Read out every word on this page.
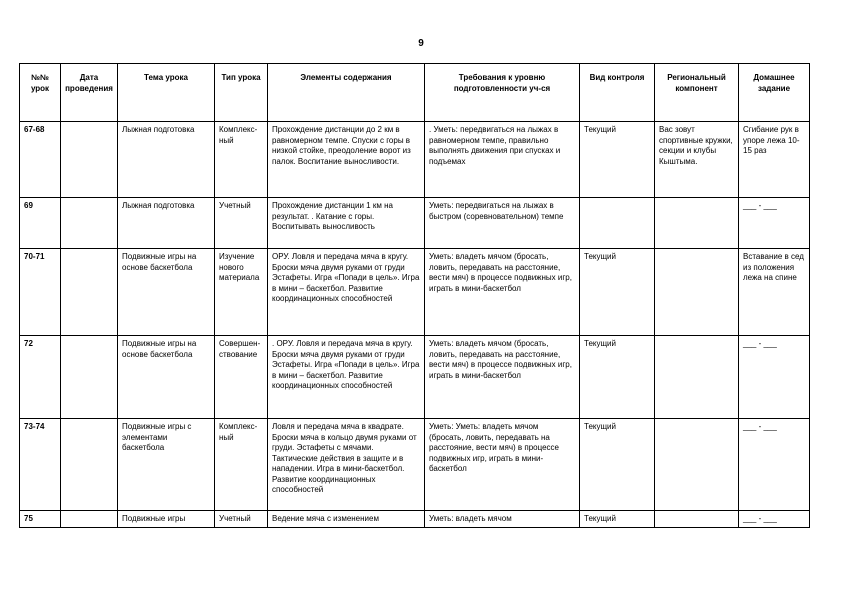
9
№№ урок	Дата проведения	Тема урока	Тип урока	Элементы содержания	Требования к уровню подготовленности уч-ся	Вид контроля	Региональный компонент	Домашнее задание
67-68		Лыжная подготовка	Комплекс-ный	Прохождение дистанции до 2 км в равномерном темпе. Спуски с горы в низкой стойке, преодоление ворот из палок. Воспитание выносливости.	. Уметь: передвигаться на лыжах в равномерном темпе, правильно выполнять движения при спусках и подъемах	Текущий	Вас зовут спортивные кружки, секции и клубы Кыштыма.	Сгибание рук в упоре лежа 10-15 раз
69		Лыжная подготовка	Учетный	Прохождение дистанции 1 км на результат. . Катание с горы. Воспитывать выносливость	Уметь: передвигаться на лыжах в быстром (соревновательном) темпе			___ - ___
70-71		Подвижные игры на основе баскетбола	Изучение нового материала	ОРУ. Ловля и передача мяча в кругу. Броски мяча двумя руками от груди Эстафеты. Игра «Попади в цель». Игра в мини – баскетбол. Развитие координационных способностей	Уметь: владеть мячом (бросать, ловить, передавать на расстояние, вести мяч) в процессе подвижных игр, играть в мини-баскетбол	Текущий		Вставание в сед из положения лежа на спине
72		Подвижные игры на основе баскетбола	Совершен-ствование	. ОРУ. Ловля и передача мяча в кругу. Броски мяча двумя руками от груди Эстафеты. Игра «Попади в цель». Игра в мини – баскетбол. Развитие координационных способностей	Уметь: владеть мячом (бросать, ловить, передавать на расстояние, вести мяч) в процессе подвижных игр, играть в мини-баскетбол	Текущий		___ - ___
73-74		Подвижные игры с элементами баскетбола	Комплекс-ный	Ловля и передача мяча в квадрате. Броски мяча в кольцо двумя руками от груди. Эстафеты с мячами. Тактические действия в защите и в нападении. Игра в мини-баскетбол. Развитие координационных способностей	Уметь: Уметь: владеть мячом (бросать, ловить, передавать на расстояние, вести мяч) в процессе подвижных игр, играть в мини-баскетбол	Текущий		___ - ___
75		Подвижные игры	Учетный	Ведение мяча с изменением	Уметь: владеть мячом	Текущий		___ - ___
